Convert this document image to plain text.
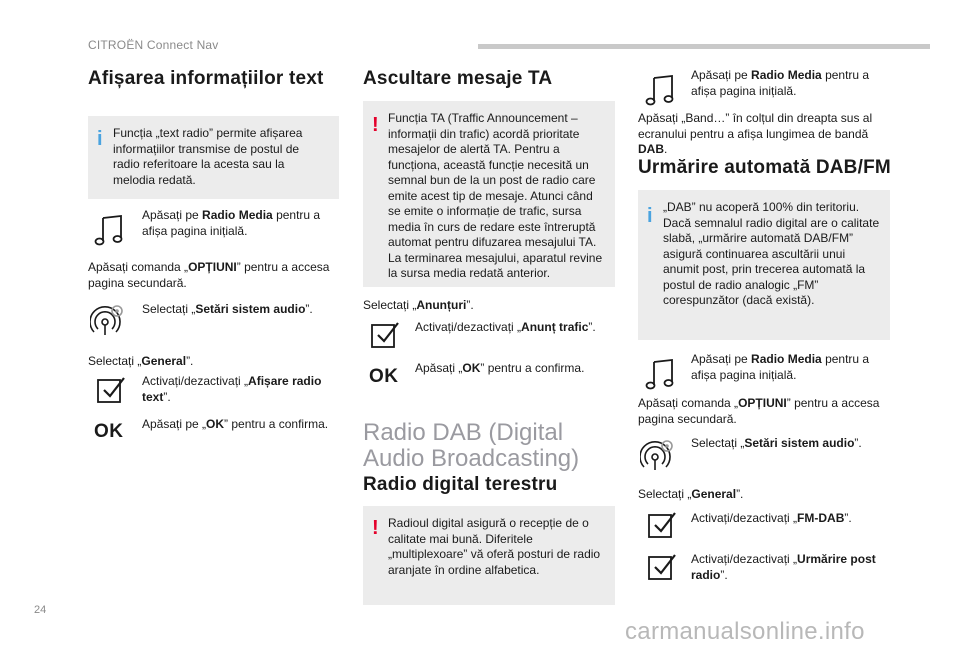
CITROËN Connect Nav
Afișarea informațiilor text
i Funcția „text radio” permite afișarea informațiilor transmise de postul de radio referitoare la acesta sau la melodia redată.
Apăsați pe Radio Media pentru a afișa pagina inițială.
Apăsați comanda „OPȚIUNI” pentru a accesa pagina secundară.
Selectați „Setări sistem audio”.
Selectați „General”.
Activați/dezactivați „Afișare radio text”.
OK Apăsați pe „OK” pentru a confirma.
Ascultare mesaje TA
! Funcția TA (Traffic Announcement – informații din trafic) acordă prioritate mesajelor de alertă TA. Pentru a funcționa, această funcție necesită un semnal bun de la un post de radio care emite acest tip de mesaje. Atunci când se emite o informație de trafic, sursa media în curs de redare este întreruptă automat pentru difuzarea mesajului TA. La terminarea mesajului, aparatul revine la sursa media redată anterior.
Selectați „Anunțuri”.
Activați/dezactivați „Anunț trafic”.
OK Apăsați „OK” pentru a confirma.
Radio DAB (Digital Audio Broadcasting)
Radio digital terestru
! Radioul digital asigură o recepție de o calitate mai bună. Diferitele „multiplexoare” vă oferă posturi de radio aranjate în ordine alfabetica.
Apăsați pe Radio Media pentru a afișa pagina inițială.
Apăsați „Band…” în colțul din dreapta sus al ecranului pentru a afișa lungimea de bandă DAB.
Urmărire automată DAB/FM
i „DAB” nu acoperă 100% din teritoriu. Dacă semnalul radio digital are o calitate slabă, „urmărire automată DAB/FM” asigură continuarea ascultării unui anumit post, prin trecerea automată la postul de radio analogic „FM” corespunzător (dacă există).
Apăsați pe Radio Media pentru a afișa pagina inițială.
Apăsați comanda „OPȚIUNI” pentru a accesa pagina secundară.
Selectați „Setări sistem audio”.
Selectați „General”.
Activați/dezactivați „FM-DAB”.
Activați/dezactivați „Urmărire post radio”.
24
carmanualsonline.info
